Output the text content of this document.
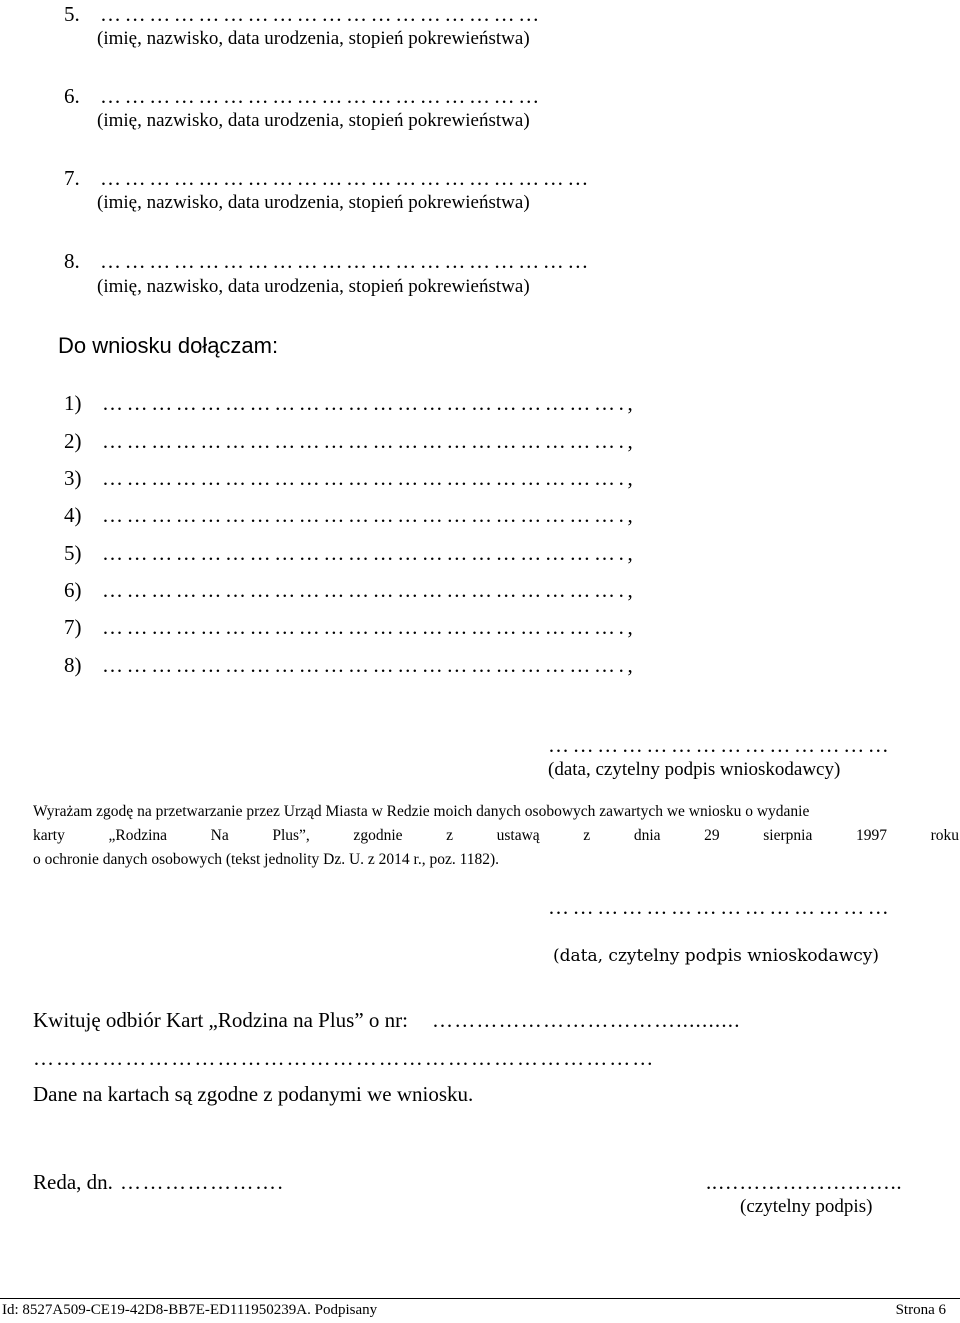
5. ………………………………………………
(imię, nazwisko, data urodzenia, stopień pokrewieństwa)
6. ………………………………………………
(imię, nazwisko, data urodzenia, stopień pokrewieństwa)
7. ……………………………………………………
(imię, nazwisko, data urodzenia, stopień pokrewieństwa)
8. ……………………………………………………
(imię, nazwisko, data urodzenia, stopień pokrewieństwa)
Do wniosku dołączam:
1) ……………………………………………………….,
2) ……………………………………………………….,
3) ……………………………………………………….,
4) ……………………………………………………….,
5) ……………………………………………………….,
6) ……………………………………………………….,
7) ……………………………………………………….,
8) ……………………………………………………….,
……………………………………
(data, czytelny podpis wnioskodawcy)
Wyrażam zgodę na przetwarzanie przez Urząd Miasta w Redzie moich danych osobowych zawartych we wniosku o wydanie
karty „Rodzina Na Plus”, zgodnie z ustawą z dnia 29 sierpnia 1997 roku
o ochronie danych osobowych (tekst jednolity Dz. U. z 2014 r., poz. 1182).
……………………………………
(data, czytelny podpis wnioskodawcy)
Kwituję odbiór Kart „Rodzina na Plus” o nr: ……………………………..........
………………………………………………………………………
Dane na kartach są zgodne z podanymi we wniosku.
Reda, dn. ………………….	..……………………..
(czytelny podpis)
Id: 8527A509-CE19-42D8-BB7E-ED111950239A. Podpisany	Strona 6
